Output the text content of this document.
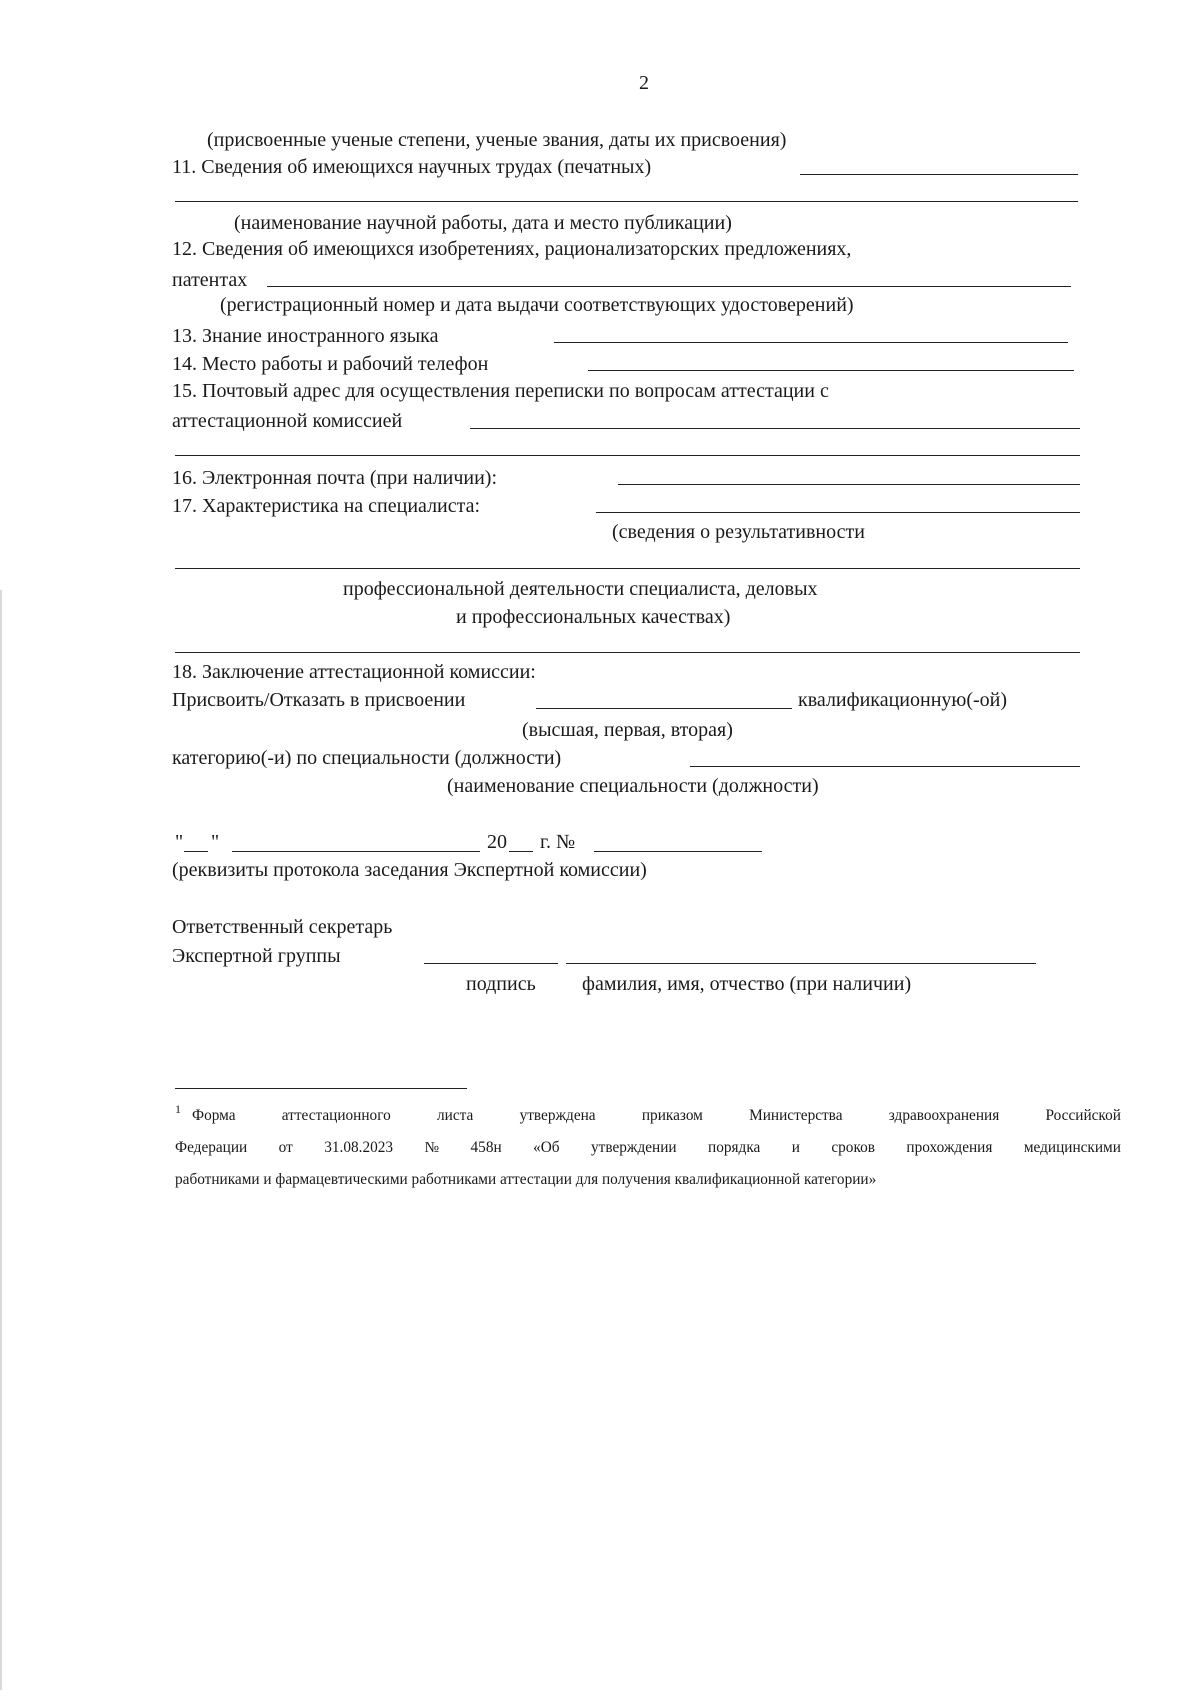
2
(присвоенные ученые степени, ученые звания, даты их присвоения)
11. Сведения об имеющихся научных трудах (печатных)
(наименование научной работы, дата и место публикации)
12. Сведения об имеющихся изобретениях, рационализаторских предложениях,
патентах
(регистрационный номер и дата выдачи соответствующих удостоверений)
13. Знание иностранного языка
14. Место работы и рабочий телефон
15. Почтовый адрес для осуществления переписки по вопросам аттестации с
аттестационной комиссией
16. Электронная почта (при наличии):
17. Характеристика на специалиста:
(сведения о результативности
профессиональной деятельности специалиста, деловых
и профессиональных качествах)
18. Заключение аттестационной комиссии:
Присвоить/Отказать в присвоении	квалификационную(-ой)
(высшая, первая, вторая)
категорию(-и) по специальности (должности)
(наименование специальности (должности)
" "	20 г. №
(реквизиты протокола заседания Экспертной комиссии)
Ответственный секретарь
Экспертной группы
подпись фамилия, имя, отчество (при наличии)
1 Форма	аттестационного	листа	утверждена	приказом	Министерства	здравоохранения	Российской
Федерации от 31.08.2023 № 458н «Об утверждении порядка и сроков прохождения медицинскими
работниками и фармацевтическими работниками аттестации для получения квалификационной категории»
